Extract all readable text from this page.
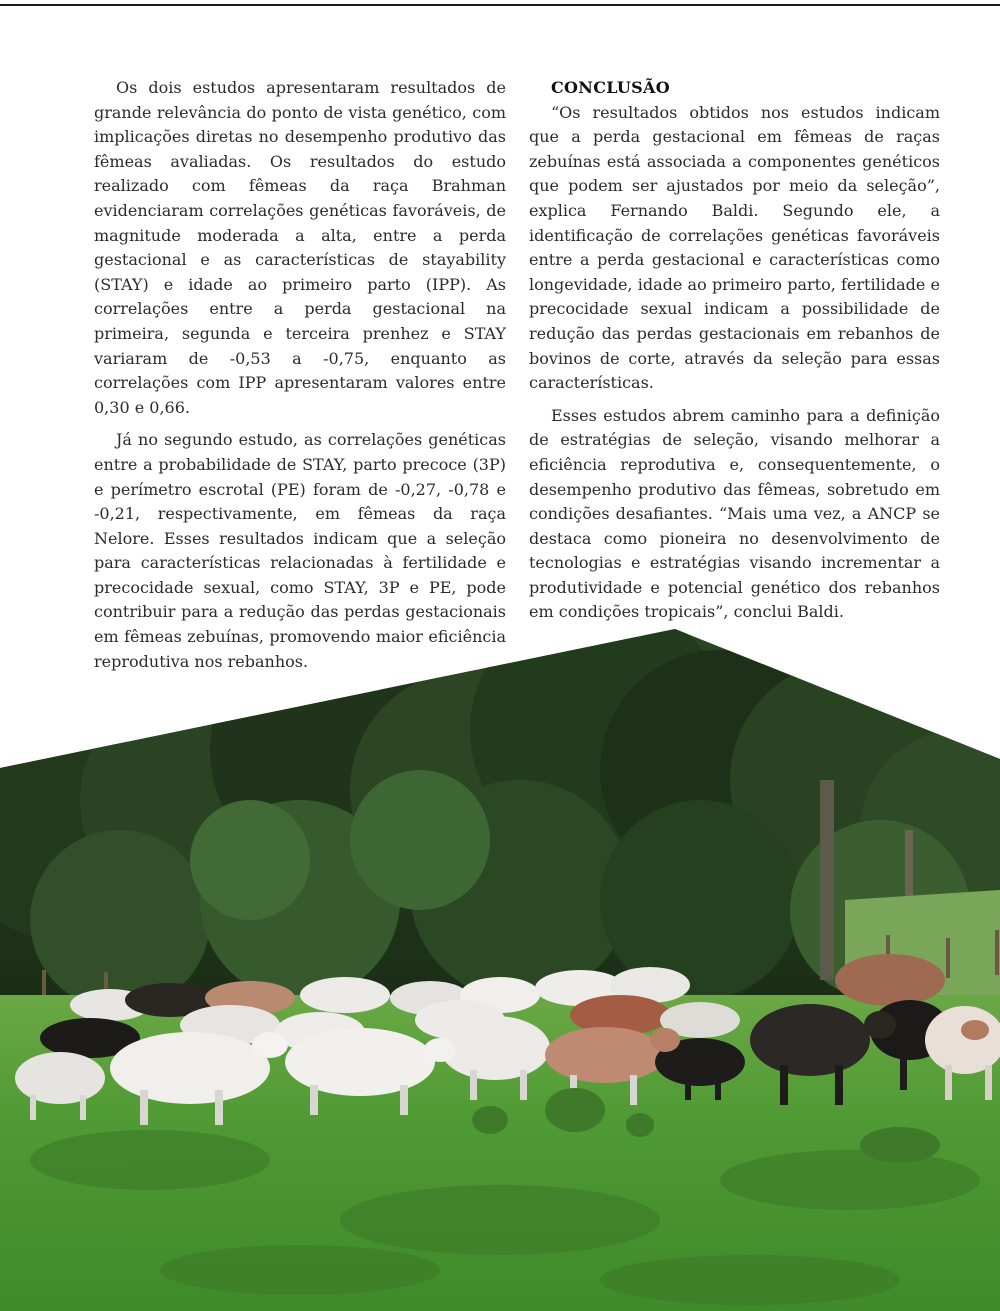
Os dois estudos apresentaram resultados de grande relevância do ponto de vista genético, com implicações diretas no desempenho produtivo das fêmeas avaliadas. Os resultados do estudo realizado com fêmeas da raça Brahman evidenciaram correlações genéticas favoráveis, de magnitude moderada a alta, entre a perda gestacional e as características de stayability (STAY) e idade ao primeiro parto (IPP). As correlações entre a perda gestacional na primeira, segunda e terceira prenhez e STAY variaram de -0,53 a -0,75, enquanto as correlações com IPP apresentaram valores entre 0,30 e 0,66.

Já no segundo estudo, as correlações genéticas entre a probabilidade de STAY, parto precoce (3P) e perímetro escrotal (PE) foram de -0,27, -0,78 e -0,21, respectivamente, em fêmeas da raça Nelore. Esses resultados indicam que a seleção para características relacionadas à fertilidade e precocidade sexual, como STAY, 3P e PE, pode contribuir para a redução das perdas gestacionais em fêmeas zebuínas, promovendo maior eficiência reprodutiva nos rebanhos.

CONCLUSÃO

“Os resultados obtidos nos estudos indicam que a perda gestacional em fêmeas de raças zebuínas está associada a componentes genéticos que podem ser ajustados por meio da seleção”, explica Fernando Baldi. Segundo ele, a identificação de correlações genéticas favoráveis entre a perda gestacional e características como longevidade, idade ao primeiro parto, fertilidade e precocidade sexual indicam a possibilidade de redução das perdas gestacionais em rebanhos de bovinos de corte, através da seleção para essas características.

Esses estudos abrem caminho para a definição de estratégias de seleção, visando melhorar a eficiência reprodutiva e, consequentemente, o desempenho produtivo das fêmeas, sobretudo em condições desafiantes. “Mais uma vez, a ANCP se destaca como pioneira no desenvolvimento de tecnologias e estratégias visando incrementar a produtividade e potencial genético dos rebanhos em condições tropicais”, conclui Baldi.
